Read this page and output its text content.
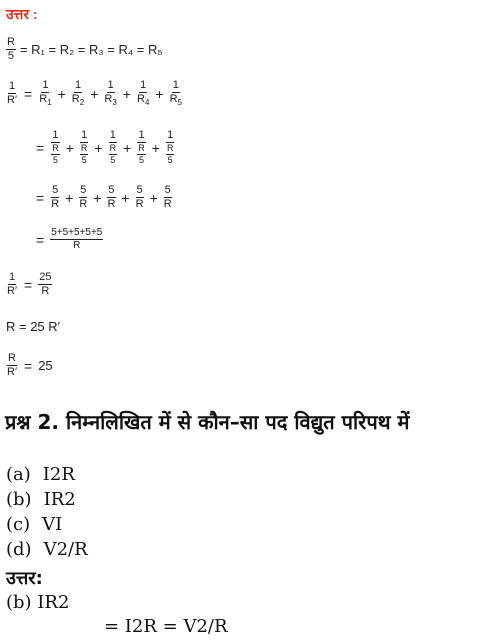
उत्तर :
$\frac{R}{5} = R_1 = R_2 = R_3 = R_4 = R_5$
$\frac{1}{R'} = \frac{1}{R_1} + \frac{1}{R_2} + \frac{1}{R_3} + \frac{1}{R_4} + \frac{1}{R_5}$
= $\frac{1}{\frac{R}{5}} + \frac{1}{\frac{R}{5}} + \frac{1}{\frac{R}{5}} + \frac{1}{\frac{R}{5}} + \frac{1}{\frac{R}{5}}$
= $\frac{5}{R} + \frac{5}{R} + \frac{5}{R} + \frac{5}{R} + \frac{5}{R}$
= $\frac{5+5+5+5+5}{R}$
$\frac{1}{R'} = \frac{25}{R}$
R = 25 R′
$\frac{R}{R'} = 25$
प्रश्न 2. निम्नलिखित में से कौन–सा पद विद्युत परिपथ में
(a) I2R
(b) IR2
(c) VI
(d) V2/R
उत्तर:
(b) IR2
= I2R = V2/R
